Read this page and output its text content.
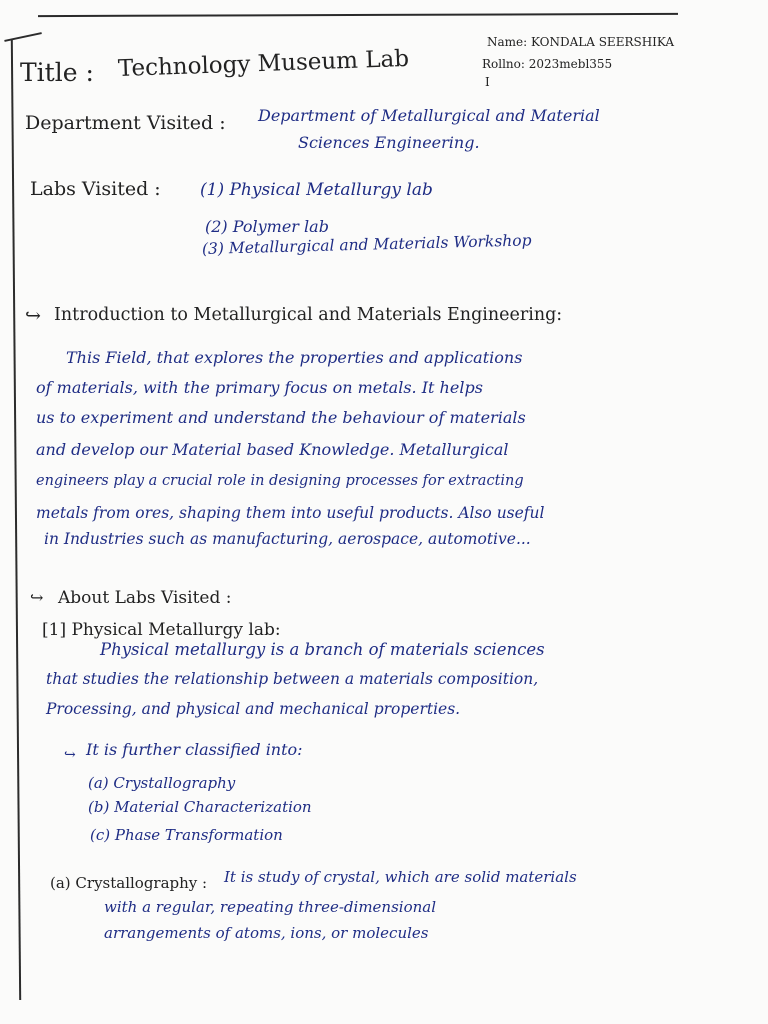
Name: KONDALA SEERSHIKA
Rollno: 2023mebl355
I
Title : Technology Museum Lab
Department Visited : Department of Metallurgical and Material
Sciences Engineering.
Labs Visited : (1) Physical Metallurgy lab
(2) Polymer lab
(3) Metallurgical and Materials Workshop
↪ Introduction to Metallurgical and Materials Engineering:
This Field, that explores the properties and applications
of materials, with the primary focus on metals. It helps
us to experiment and understand the behaviour of materials
and develop our Material based Knowledge. Metallurgical
engineers play a crucial role in designing processes for extracting
metals from ores, shaping them into useful products. Also useful
in Industries such as manufacturing, aerospace, automotive...
↪ About Labs Visited :
[1] Physical Metallurgy lab:
Physical metallurgy is a branch of materials sciences
that studies the relationship between a materials composition,
Processing, and physical and mechanical properties.
↪ It is further classified into:
(a) Crystallography
(b) Material Characterization
(c) Phase Transformation
(a) Crystallography : It is study of crystal, which are solid materials
with a regular, repeating three-dimensional
arrangements of atoms, ions, or molecules
